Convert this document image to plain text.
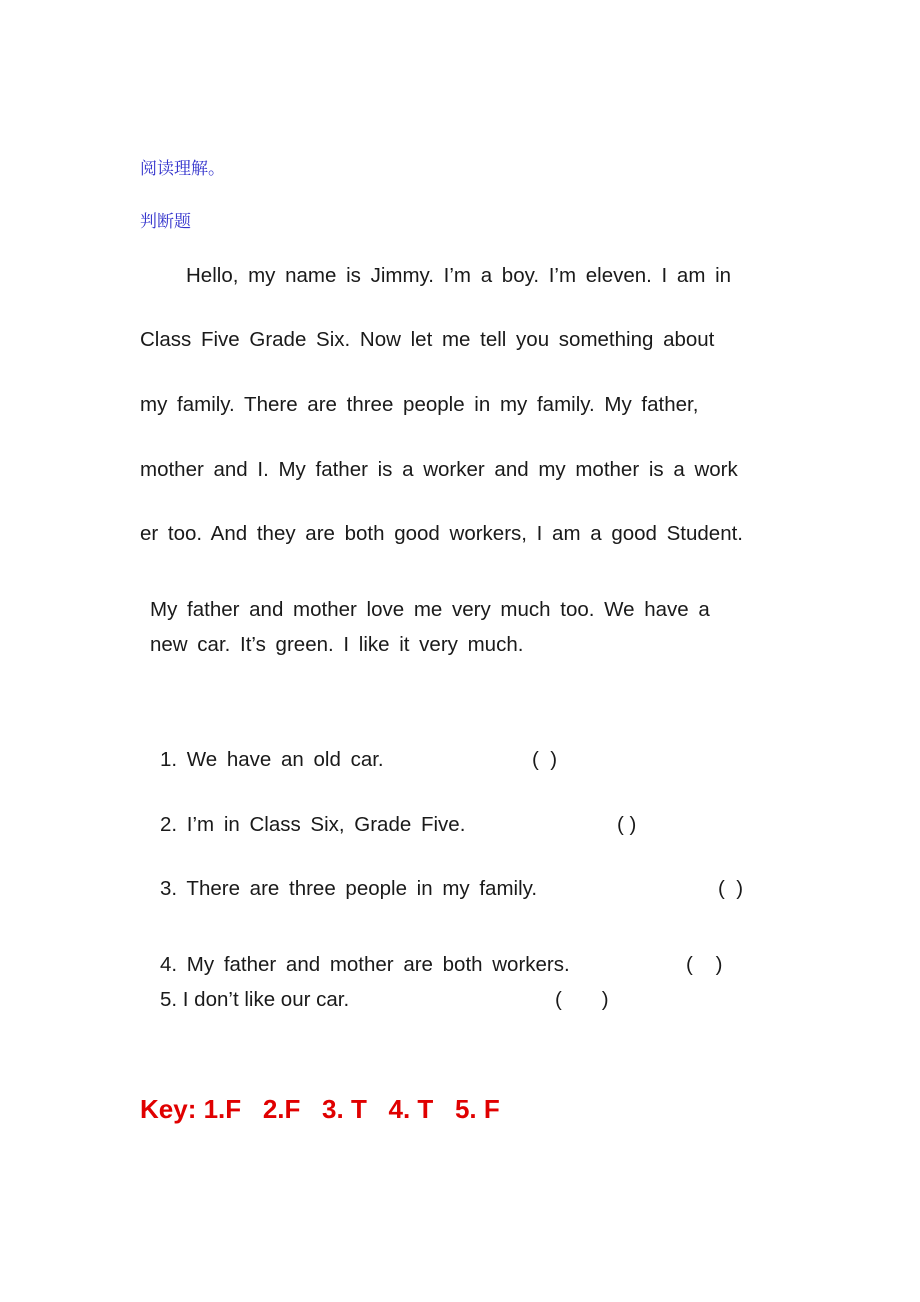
阅读理解。
判断题
Hello, my name is Jimmy. I’m a boy. I’m eleven. I am in
Class Five Grade Six. Now let me tell you something about
my family. There are three people in my family. My father,
mother and I. My father is a worker and my mother is a work
er too. And they are both good workers, I am a good Student.
My father and mother love me very much too. We have a
new car. It’s green. I like it very much.
1. We have an old car.	(  )
2. I’m in Class Six, Grade Five.	( )
3. There are three people in my family.	(  )
4. My father and mother are both workers.	(    )
5. I don’t like our car.	(       )
Key: 1.F   2.F   3. T   4. T   5. F
